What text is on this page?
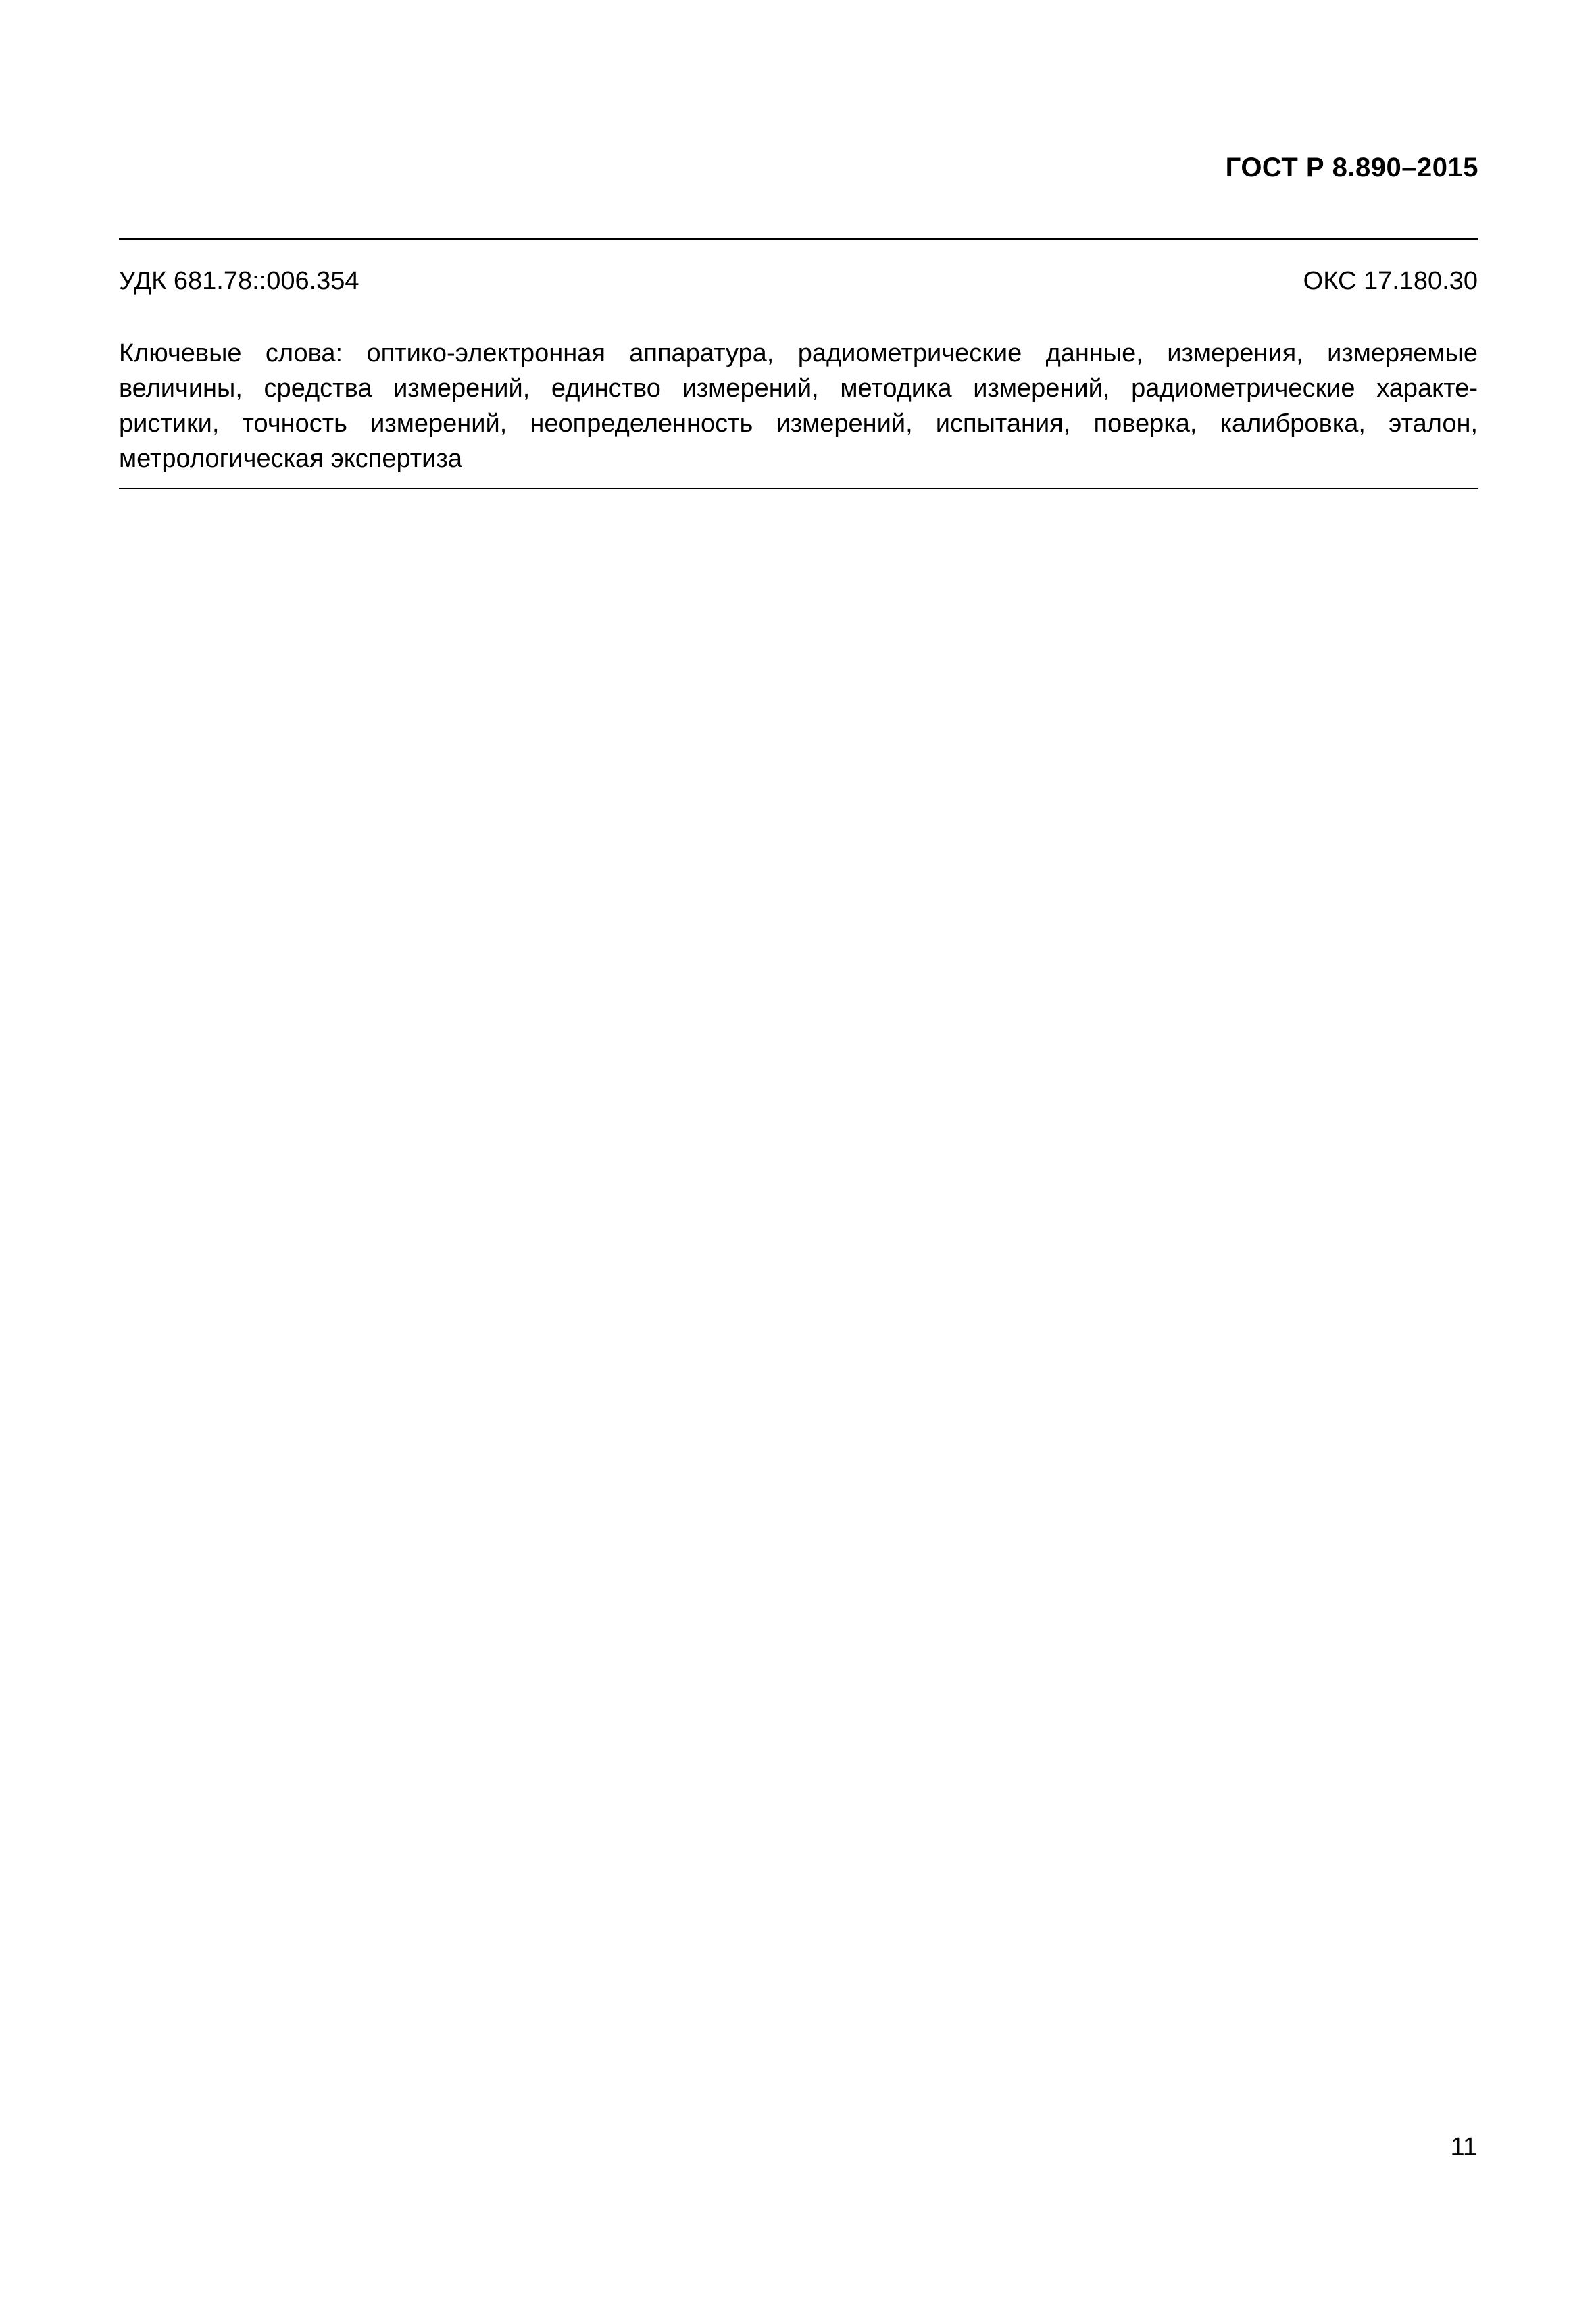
ГОСТ Р 8.890–2015
УДК 681.78::006.354	ОКС 17.180.30
Ключевые слова: оптико-электронная аппаратура, радиометрические данные, измерения, измеряемые
величины, средства измерений, единство измерений, методика измерений, радиометрические характе-
ристики, точность измерений, неопределенность измерений, испытания, поверка, калибровка, эталон,
метрологическая экспертиза
11
